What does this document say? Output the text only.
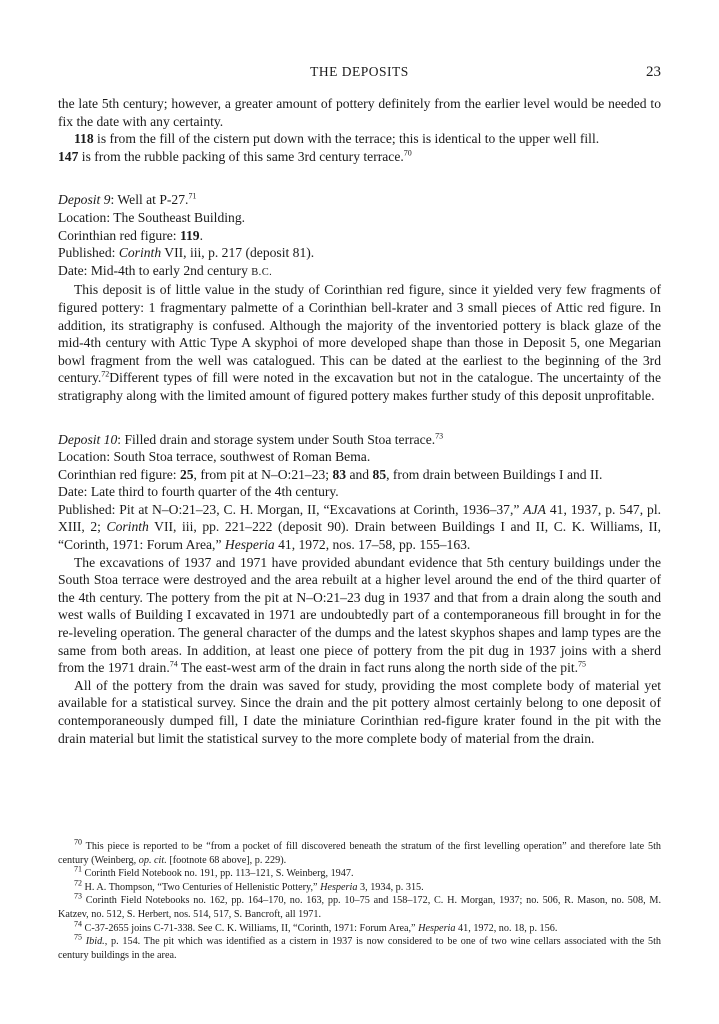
THE DEPOSITS	23

the late 5th century; however, a greater amount of pottery definitely from the earlier level would be needed to fix the date with any certainty.

118 is from the fill of the cistern put down with the terrace; this is identical to the upper well fill.

147 is from the rubble packing of this same 3rd century terrace.$^{70}$

Deposit 9: Well at P-27.71

Location: The Southeast Building.

Corinthian red figure: 119.

Published: Corinth VII, iii, p. 217 (deposit 81).

Date: Mid-4th to early 2nd century B.C.

This deposit is of little value in the study of Corinthian red figure, since it yielded very few fragments of figured pottery: 1 fragmentary palmette of a Corinthian bell-krater and 3 small pieces of Attic red figure. In addition, its stratigraphy is confused. Although the majority of the inventoried pottery is black glaze of the mid-4th century with Attic Type A skyphoi of more developed shape than those in Deposit 5, one Megarian bowl fragment from the well was catalogued. This can be dated at the earliest to the beginning of the 3rd century.$^{72}$Different types of fill were noted in the excavation but not in the catalogue. The uncertainty of the stratigraphy along with the limited amount of figured pottery makes further study of this deposit unprofitable.

Deposit 10: Filled drain and storage system under South Stoa terrace.$^{73}$

Location: South Stoa terrace, southwest of Roman Bema.

Corinthian red figure: 25, from pit at N–O:21–23; 83 and 85, from drain between Buildings I and II.

Date: Late third to fourth quarter of the 4th century.

Published: Pit at N–O:21–23, C. H. Morgan, II, “Excavations at Corinth, 1936–37,” AJA 41, 1937, p. 547, pl. XIII, 2; Corinth VII, iii, pp. 221–222 (deposit 90). Drain between Buildings I and II, C. K. Williams, II, “Corinth, 1971: Forum Area,” Hesperia 41, 1972, nos. 17–58, pp. 155–163.

The excavations of 1937 and 1971 have provided abundant evidence that 5th century buildings under the South Stoa terrace were destroyed and the area rebuilt at a higher level around the end of the third quarter of the 4th century. The pottery from the pit at N–O:21–23 dug in 1937 and that from a drain along the south and west walls of Building I excavated in 1971 are undoubtedly part of a contemporaneous fill brought in for the re-leveling operation. The general character of the dumps and the latest skyphos shapes and lamp types are the same from both areas. In addition, at least one piece of pottery from the pit dug in 1937 joins with a sherd from the 1971 drain.$^{74}$ The east-west arm of the drain in fact runs along the north side of the pit.$^{75}$

All of the pottery from the drain was saved for study, providing the most complete body of material yet available for a statistical survey. Since the drain and the pit pottery almost certainly belong to one deposit of contemporaneously dumped fill, I date the miniature Corinthian red-figure krater found in the pit with the drain material but limit the statistical survey to the more complete body of material from the drain.

$^{70}$ This piece is reported to be “from a pocket of fill discovered beneath the stratum of the first levelling operation” and therefore late 5th century (Weinberg, op. cit. [footnote 68 above], p. 229).

$^{71}$ Corinth Field Notebook no. 191, pp. 113–121, S. Weinberg, 1947.

$^{72}$ H. A. Thompson, “Two Centuries of Hellenistic Pottery,” Hesperia 3, 1934, p. 315.

$^{73}$ Corinth Field Notebooks no. 162, pp. 164–170, no. 163, pp. 10–75 and 158–172, C. H. Morgan, 1937; no. 506, R. Mason, no. 508, M. Katzev, no. 512, S. Herbert, nos. 514, 517, S. Bancroft, all 1971.

$^{74}$ C-37-2655 joins C-71-338. See C. K. Williams, II, “Corinth, 1971: Forum Area,” Hesperia 41, 1972, no. 18, p. 156.

$^{75}$ Ibid., p. 154. The pit which was identified as a cistern in 1937 is now considered to be one of two wine cellars associated with the 5th century buildings in the area.
